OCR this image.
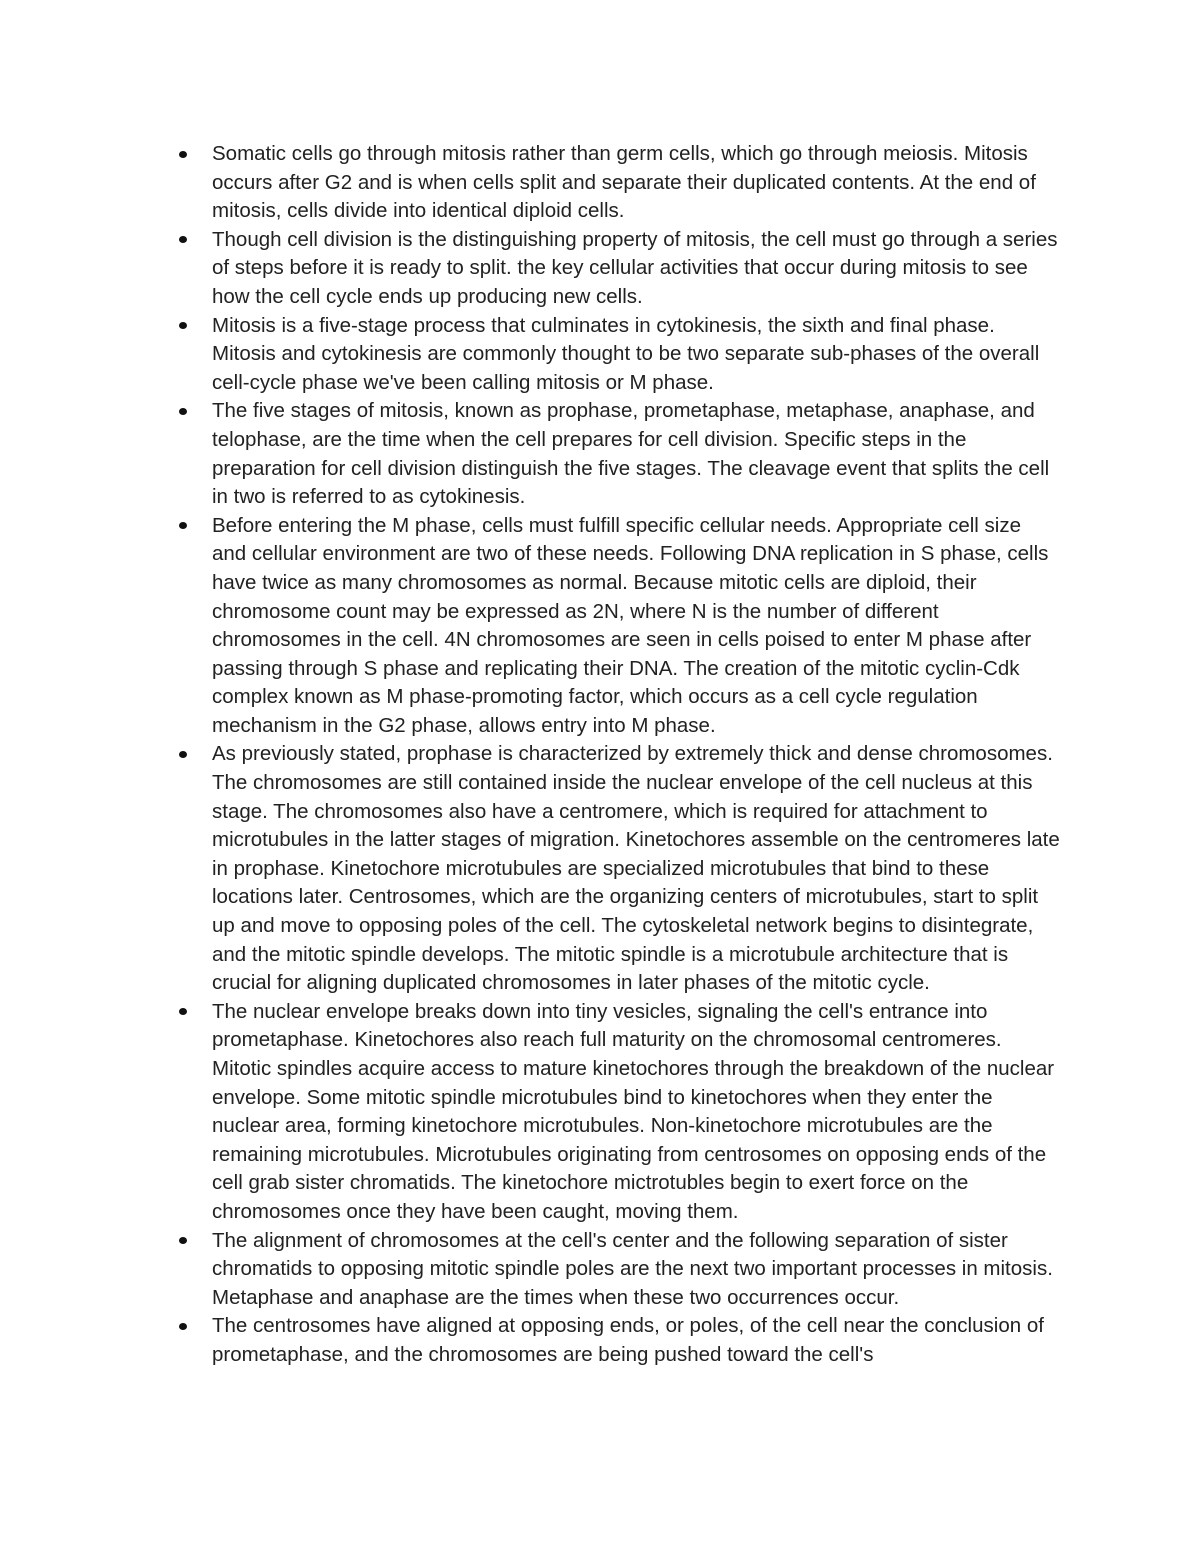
Somatic cells go through mitosis rather than germ cells, which go through meiosis. Mitosis occurs after G2 and is when cells split and separate their duplicated contents. At the end of mitosis, cells divide into identical diploid cells.
Though cell division is the distinguishing property of mitosis, the cell must go through a series of steps before it is ready to split. the key cellular activities that occur during mitosis to see how the cell cycle ends up producing new cells.
Mitosis is a five-stage process that culminates in cytokinesis, the sixth and final phase. Mitosis and cytokinesis are commonly thought to be two separate sub-phases of the overall cell-cycle phase we've been calling mitosis or M phase.
The five stages of mitosis, known as prophase, prometaphase, metaphase, anaphase, and telophase, are the time when the cell prepares for cell division. Specific steps in the preparation for cell division distinguish the five stages. The cleavage event that splits the cell in two is referred to as cytokinesis.
Before entering the M phase, cells must fulfill specific cellular needs. Appropriate cell size and cellular environment are two of these needs. Following DNA replication in S phase, cells have twice as many chromosomes as normal. Because mitotic cells are diploid, their chromosome count may be expressed as 2N, where N is the number of different chromosomes in the cell. 4N chromosomes are seen in cells poised to enter M phase after passing through S phase and replicating their DNA. The creation of the mitotic cyclin-Cdk complex known as M phase-promoting factor, which occurs as a cell cycle regulation mechanism in the G2 phase, allows entry into M phase.
As previously stated, prophase is characterized by extremely thick and dense chromosomes. The chromosomes are still contained inside the nuclear envelope of the cell nucleus at this stage. The chromosomes also have a centromere, which is required for attachment to microtubules in the latter stages of migration. Kinetochores assemble on the centromeres late in prophase. Kinetochore microtubules are specialized microtubules that bind to these locations later. Centrosomes, which are the organizing centers of microtubules, start to split up and move to opposing poles of the cell. The cytoskeletal network begins to disintegrate, and the mitotic spindle develops. The mitotic spindle is a microtubule architecture that is crucial for aligning duplicated chromosomes in later phases of the mitotic cycle.
The nuclear envelope breaks down into tiny vesicles, signaling the cell's entrance into prometaphase. Kinetochores also reach full maturity on the chromosomal centromeres. Mitotic spindles acquire access to mature kinetochores through the breakdown of the nuclear envelope. Some mitotic spindle microtubules bind to kinetochores when they enter the nuclear area, forming kinetochore microtubules. Non-kinetochore microtubules are the remaining microtubules. Microtubules originating from centrosomes on opposing ends of the cell grab sister chromatids. The kinetochore mictrotubles begin to exert force on the chromosomes once they have been caught, moving them.
The alignment of chromosomes at the cell's center and the following separation of sister chromatids to opposing mitotic spindle poles are the next two important processes in mitosis. Metaphase and anaphase are the times when these two occurrences occur.
The centrosomes have aligned at opposing ends, or poles, of the cell near the conclusion of prometaphase, and the chromosomes are being pushed toward the cell's
